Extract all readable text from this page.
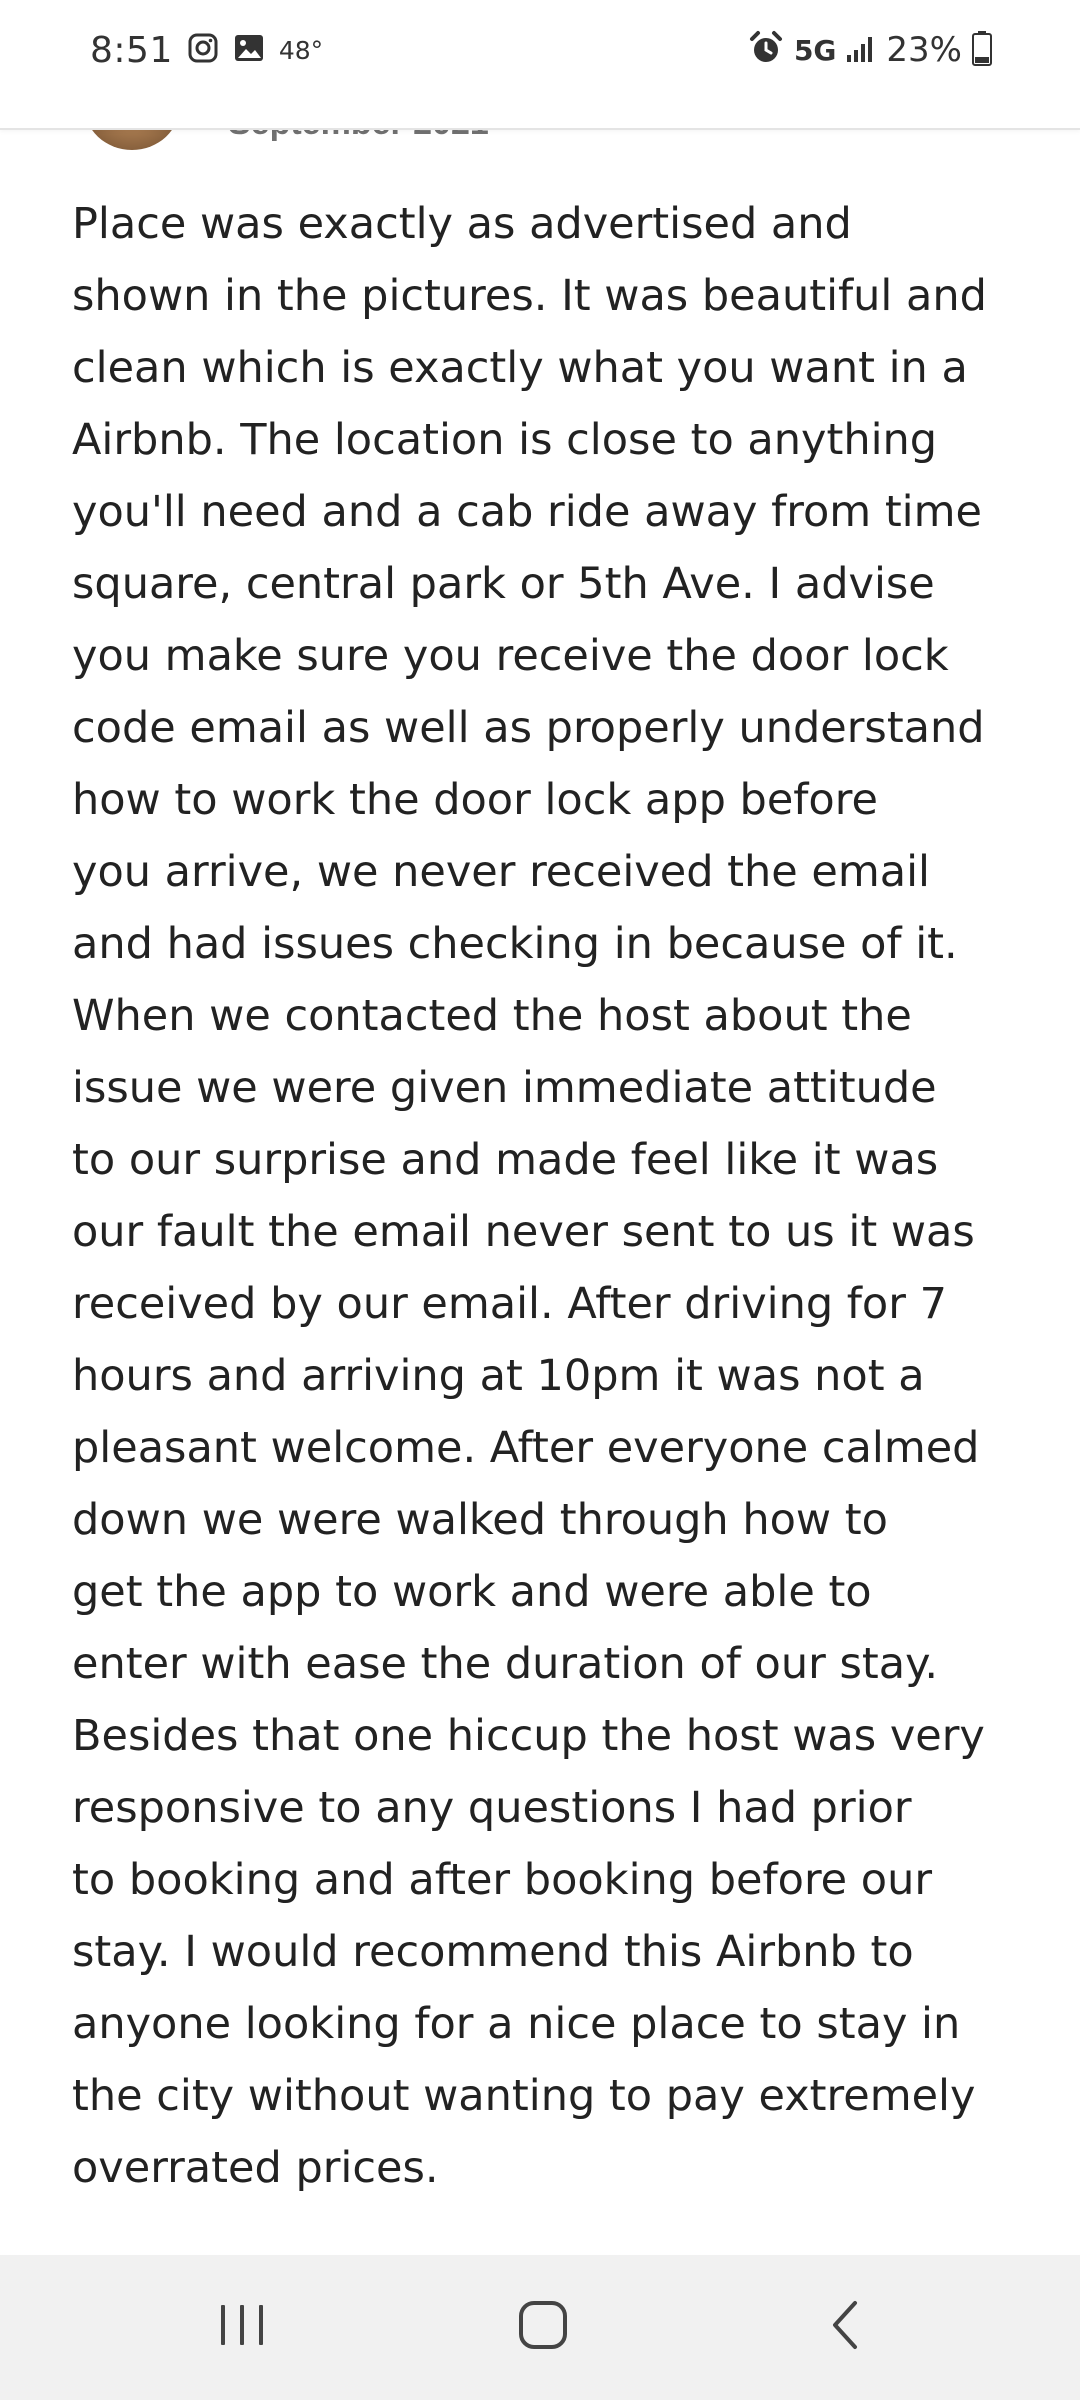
8:51	48°	5G 23%
Place was exactly as advertised and
shown in the pictures. It was beautiful and
clean which is exactly what you want in a
Airbnb. The location is close to anything
you'll need and a cab ride away from time
square, central park or 5th Ave. I advise
you make sure you receive the door lock
code email as well as properly understand
how to work the door lock app before
you arrive, we never received the email
and had issues checking in because of it.
When we contacted the host about the
issue we were given immediate attitude
to our surprise and made feel like it was
our fault the email never sent to us it was
received by our email. After driving for 7
hours and arriving at 10pm it was not a
pleasant welcome. After everyone calmed
down we were walked through how to
get the app to work and were able to
enter with ease the duration of our stay.
Besides that one hiccup the host was very
responsive to any questions I had prior
to booking and after booking before our
stay. I would recommend this Airbnb to
anyone looking for a nice place to stay in
the city without wanting to pay extremely
overrated prices.
